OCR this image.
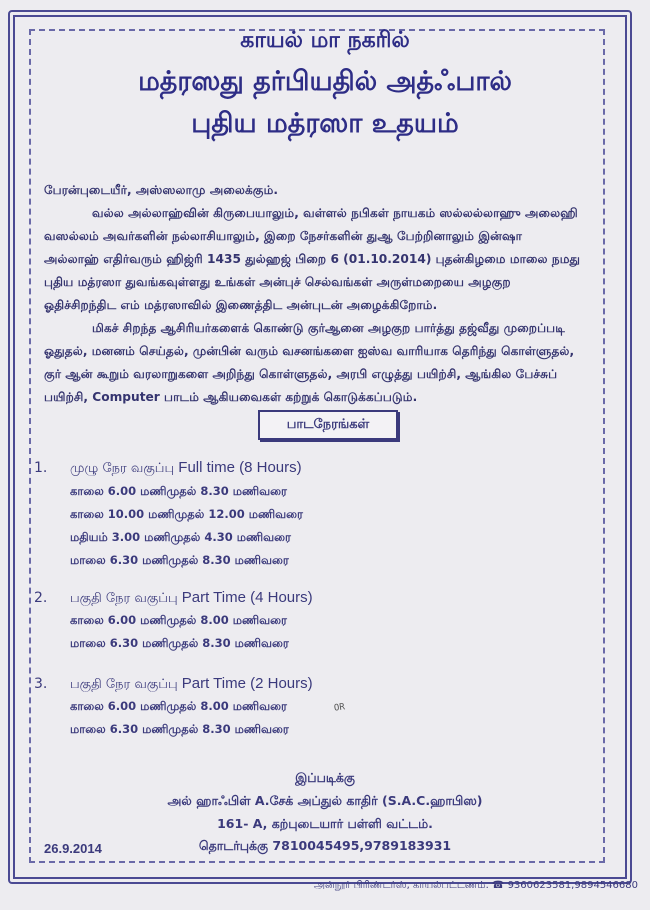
காயல் மா நகரில்
மத்ரஸது தர்பியதில் அத்ஃபால்
புதிய மத்ரஸா உதயம்
பேரன்புடையீர், அஸ்ஸலாமு அலைக்கும்.
வல்ல அல்லாஹ்வின் கிருபையாலும், வள்ளல் நபிகள் நாயகம் ஸல்லல்லாஹு அலைஹி
வஸல்லம் அவர்களின் நல்லாசியாலும், இறை நேசர்களின் துஆ பேற்றினாலும் இன்ஷா
அல்லாஹ் எதிர்வரும் ஹிஜ்ரி 1435 துல்ஹஜ் பிறை 6 (01.10.2014) புதன்கிழமை மாலை நமது
புதிய மத்ரஸா துவங்கவுள்ளது உங்கள் அன்புச் செல்வங்கள் அருள்மறையை அழகுற
ஓதிச்சிறந்திட எம் மத்ரஸாவில் இணைத்திட அன்புடன் அழைக்கிறோம்.
மிகச் சிறந்த ஆசிரியர்களைக் கொண்டு குர்ஆனை அழகுற பார்த்து தஜ்வீது முறைப்படி
ஓதுதல், மனனம் செய்தல், முன்பின் வரும் வசனங்களை ஐஸ்வ வாரியாக தெரிந்து கொள்ளுதல்,
குர் ஆன் கூறும் வரலாறுகளை அறிந்து கொள்ளுதல், அரபி எழுத்து பயிற்சி, ஆங்கில பேச்சுப்
பயிற்சி, Computer பாடம் ஆகியவைகள் கற்றுக் கொடுக்கப்படும்.
பாடநேரங்கள்
1. முழு நேர வகுப்பு Full time (8 Hours)
காலை 6.00 மணிமுதல் 8.30 மணிவரை
காலை 10.00 மணிமுதல் 12.00 மணிவரை
மதியம் 3.00 மணிமுதல் 4.30 மணிவரை
மாலை 6.30 மணிமுதல் 8.30 மணிவரை
2. பகுதி நேர வகுப்பு Part Time (4 Hours)
காலை 6.00 மணிமுதல் 8.00 மணிவரை
மாலை 6.30 மணிமுதல் 8.30 மணிவரை
3. பகுதி நேர வகுப்பு Part Time (2 Hours)
காலை 6.00 மணிமுதல் 8.00 மணிவரை	OR
மாலை 6.30 மணிமுதல் 8.30 மணிவரை
இப்படிக்கு
அல் ஹாஃபிள் A.சேக் அப்துல் காதிர் (S.A.C.ஹாபிஸ)
161- A, கற்புடையார் பள்ளி வட்டம்.
தொடர்புக்கு 7810045495,9789183931
26.9.2014
அன்நூர் பிரிண்டர்ஸ், காயல்பட்டணம். ☎ 9360623581,9894546680
